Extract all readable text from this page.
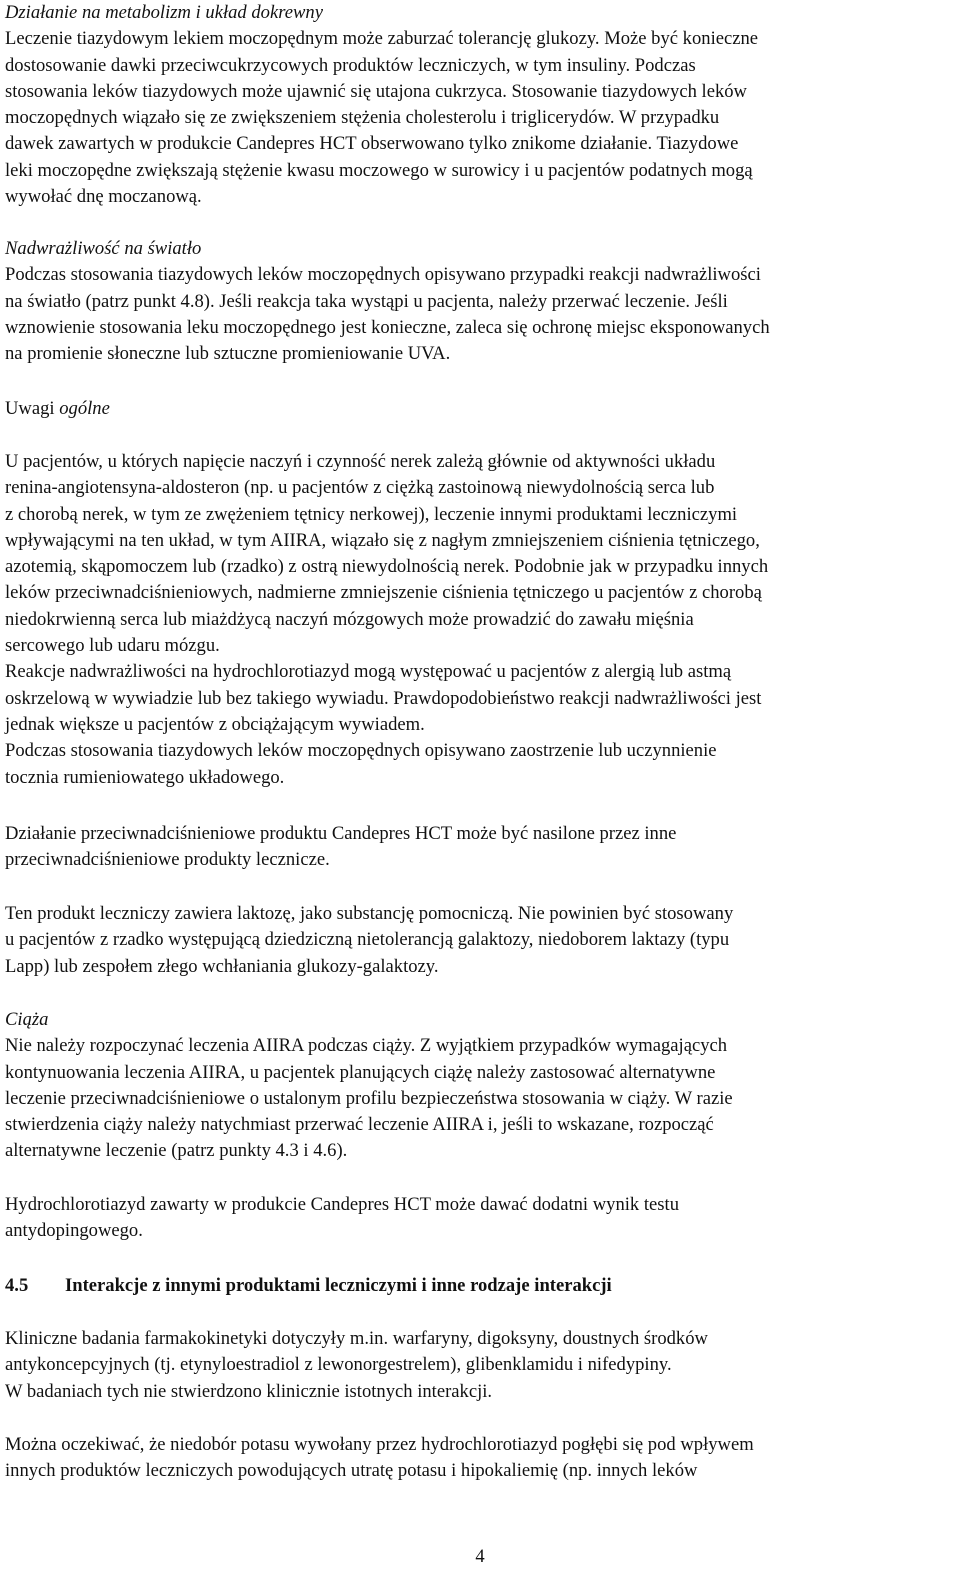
Działanie na metabolizm i układ dokrewny
Leczenie tiazydowym lekiem moczopędnym może zaburzać tolerancję glukozy. Może być konieczne
dostosowanie dawki przeciwcukrzycowych produktów leczniczych, w tym insuliny. Podczas
stosowania leków tiazydowych może ujawnić się utajona cukrzyca. Stosowanie tiazydowych leków
moczopędnych wiązało się ze zwiększeniem stężenia cholesterolu i triglicerydów. W przypadku
dawek zawartych w produkcie Candepres HCT obserwowano tylko znikome działanie. Tiazydowe
leki moczopędne zwiększają stężenie kwasu moczowego w surowicy i u pacjentów podatnych mogą
wywołać dnę moczanową.
Nadwrażliwość na światło
Podczas stosowania tiazydowych leków moczopędnych opisywano przypadki reakcji nadwrażliwości
na światło (patrz punkt 4.8). Jeśli reakcja taka wystąpi u pacjenta, należy przerwać leczenie. Jeśli
wznowienie stosowania leku moczopędnego jest konieczne, zaleca się ochronę miejsc eksponowanych
na promienie słoneczne lub sztuczne promieniowanie UVA.
Uwagi ogólne
U pacjentów, u których napięcie naczyń i czynność nerek zależą głównie od aktywności układu
renina-angiotensyna-aldosteron (np. u pacjentów z ciężką zastoinową niewydolnością serca lub
z chorobą nerek, w tym ze zwężeniem tętnicy nerkowej), leczenie innymi produktami leczniczymi
wpływającymi na ten układ, w tym AIIRA, wiązało się z nagłym zmniejszeniem ciśnienia tętniczego,
azotemią, skąpomoczem lub (rzadko) z ostrą niewydolnością nerek. Podobnie jak w przypadku innych
leków przeciwnadciśnieniowych, nadmierne zmniejszenie ciśnienia tętniczego u pacjentów z chorobą
niedokrwienną serca lub miażdżycą naczyń mózgowych może prowadzić do zawału mięśnia
sercowego lub udaru mózgu.
Reakcje nadwrażliwości na hydrochlorotiazyd mogą występować u pacjentów z alergią lub astmą
oskrzelową w wywiadzie lub bez takiego wywiadu. Prawdopodobieństwo reakcji nadwrażliwości jest
jednak większe u pacjentów z obciążającym wywiadem.
Podczas stosowania tiazydowych leków moczopędnych opisywano zaostrzenie lub uczynnienie
tocznia rumieniowatego układowego.
Działanie przeciwnadciśnieniowe produktu Candepres HCT może być nasilone przez inne
przeciwnadciśnieniowe produkty lecznicze.
Ten produkt leczniczy zawiera laktozę, jako substancję pomocniczą. Nie powinien być stosowany
u pacjentów z rzadko występującą dziedziczną nietolerancją galaktozy, niedoborem laktazy (typu
Lapp) lub zespołem złego wchłaniania glukozy-galaktozy.
Ciąża
Nie należy rozpoczynać leczenia AIIRA podczas ciąży. Z wyjątkiem przypadków wymagających
kontynuowania leczenia AIIRA, u pacjentek planujących ciążę należy zastosować alternatywne
leczenie przeciwnadciśnieniowe o ustalonym profilu bezpieczeństwa stosowania w ciąży. W razie
stwierdzenia ciąży należy natychmiast przerwać leczenie AIIRA i, jeśli to wskazane, rozpocząć
alternatywne leczenie (patrz punkty 4.3 i 4.6).
Hydrochlorotiazyd zawarty w produkcie Candepres HCT może dawać dodatni wynik testu
antydopingowego.
4.5 Interakcje z innymi produktami leczniczymi i inne rodzaje interakcji
Kliniczne badania farmakokinetyki dotyczyły m.in. warfaryny, digoksyny, doustnych środków
antykoncepcyjnych (tj. etynyloestradiol z lewonorgestrelem), glibenklamidu i nifedypiny.
W badaniach tych nie stwierdzono klinicznie istotnych interakcji.
Można oczekiwać, że niedobór potasu wywołany przez hydrochlorotiazyd pogłębi się pod wpływem
innych produktów leczniczych powodujących utratę potasu i hipokaliemię (np. innych leków
4
